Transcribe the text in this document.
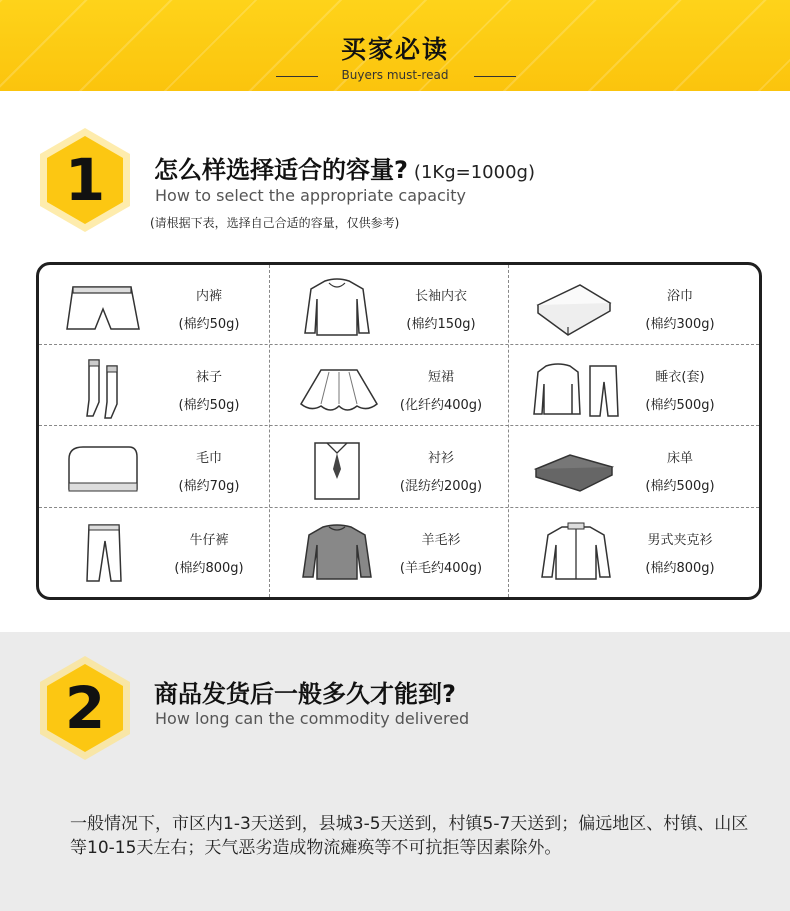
买家必读
Buyers must-read
1	怎么样选择适合的容量? (1Kg=1000g)
How to select the appropriate capacity
(请根据下表，选择自己合适的容量，仅供参考)
内裤
(棉约50g)
长袖内衣
(棉约150g)
浴巾
(棉约300g)
袜子
(棉约50g)
短裙
(化纤约400g)
睡衣(套)
(棉约500g)
毛巾
(棉约70g)
衬衫
(混纺约200g)
床单
(棉约500g)
牛仔裤
(棉约800g)
羊毛衫
(羊毛约400g)
男式夹克衫
(棉约800g)
2	商品发货后一般多久才能到?
How long can the commodity delivered
一般情况下，市区内1-3天送到，县城3-5天送到，村镇5-7天送到；偏远地区、村镇、山区等10-15天左右；天气恶劣造成物流瘫痪等不可抗拒等因素除外。
